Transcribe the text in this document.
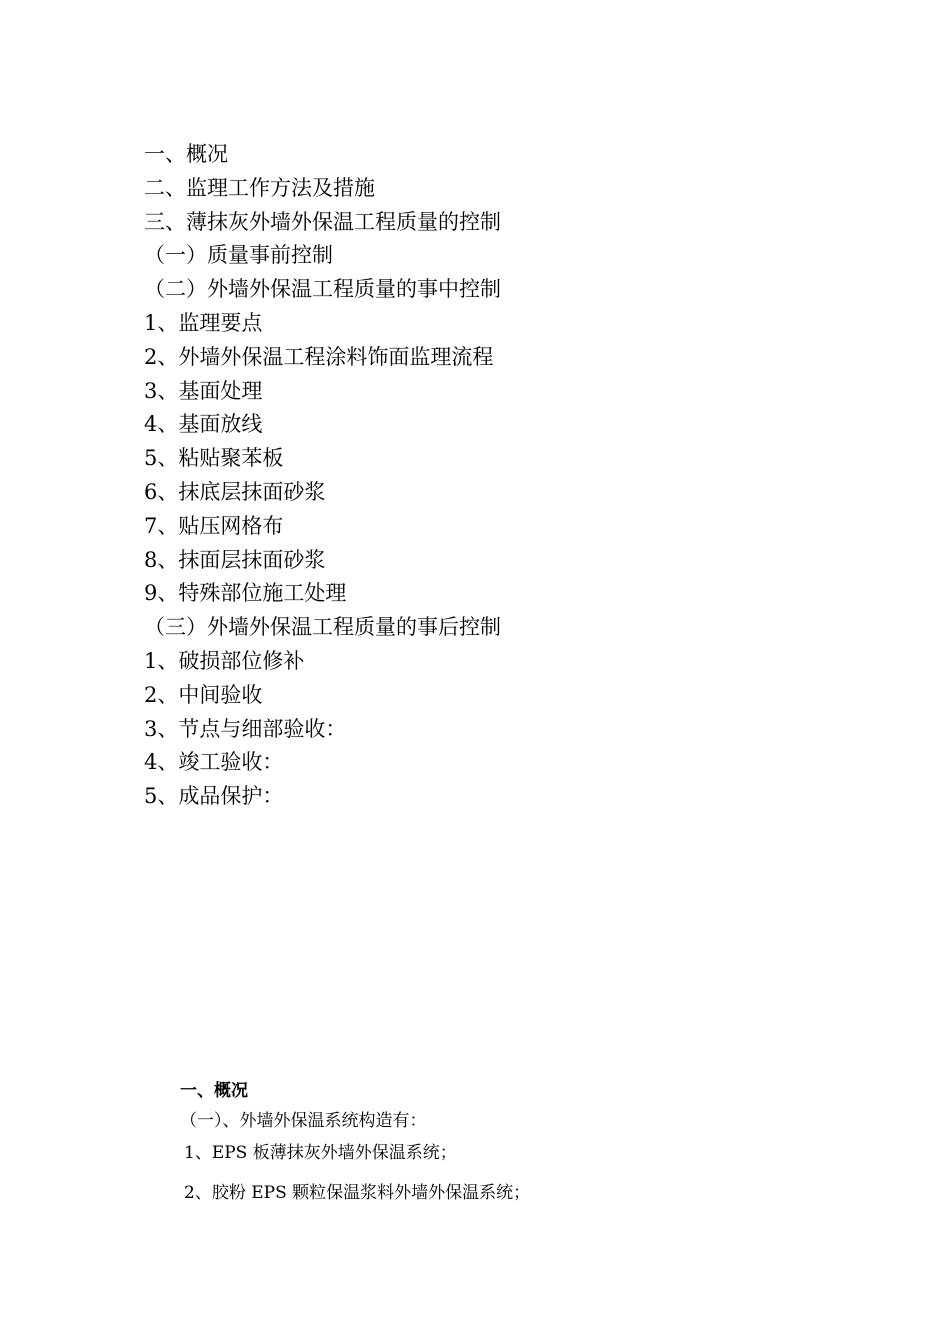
一、概况
二、监理工作方法及措施
三、薄抹灰外墙外保温工程质量的控制
（一）质量事前控制
（二）外墙外保温工程质量的事中控制
1、监理要点
2、外墙外保温工程涂料饰面监理流程
3、基面处理
4、基面放线
5、粘贴聚苯板
6、抹底层抹面砂浆
7、贴压网格布
8、抹面层抹面砂浆
9、特殊部位施工处理
（三）外墙外保温工程质量的事后控制
1、破损部位修补
2、中间验收
3、节点与细部验收：
4、竣工验收：
5、成品保护：
一、概况
（一）、外墙外保温系统构造有：
1、EPS 板薄抹灰外墙外保温系统；
2、胶粉 EPS 颗粒保温浆料外墙外保温系统；
